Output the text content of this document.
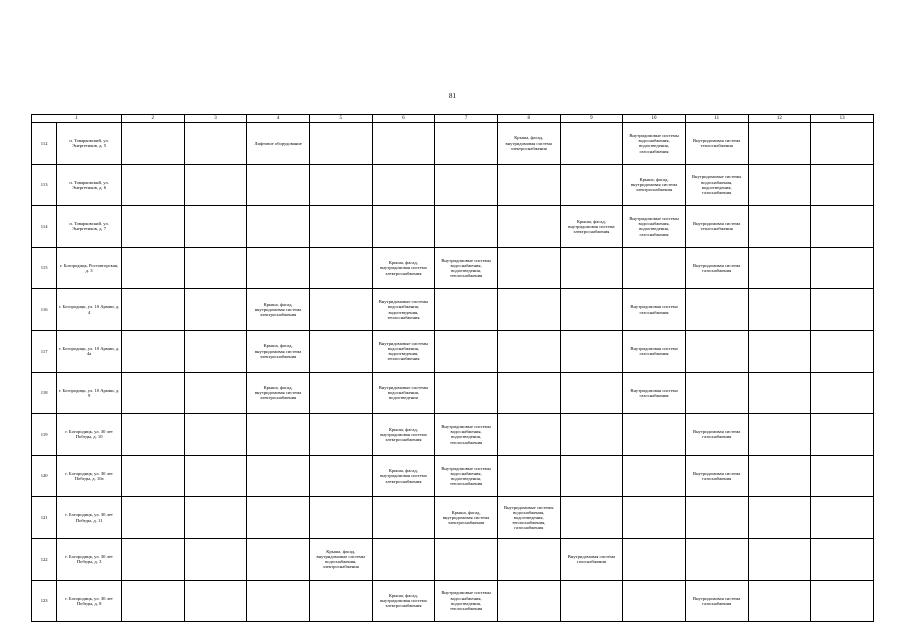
81
1		2	3	4	5	6	7	8	9	10	11	12	13
112	п. Товарковский, ул. Энергетиков, д. 5			Лифтовое оборудование				Крыша, фасад, внутридомовая система электроснабжения		Внутридомовые системы водоснабжения, водоотведения, газоснабжения	Внутридомовая система теплоснабжения		
113	п. Товарковский, ул. Энергетиков, д. 6									Крыша, фасад, внутридомовая система электроснабжения	Внутридомовые системы водоснабжения, водоотведения, газоснабжения		
114	п. Товарковский, ул. Энергетиков, д. 7								Крыша, фасад, внутридомовая система электроснабжения	Внутридомовые системы водоснабжения, водоотведения, газоснабжения	Внутридомовая система теплоснабжения		
115	г. Богородицк, Ростовгорская, д. 3					Крыша, фасад, внутридомовая система электроснабжения	Внутридомовые системы водоснабжения, водоотведения, теплоснабжения				Внутридомовая система газоснабжения		
116	г. Богородицк, ул. 10 Армии, д. 4			Крыша, фасад, внутридомовая система электроснабжения		Внутридомовые системы водоснабжения, водоотведения, теплоснабжения				Внутридомовая система газоснабжения			
117	г. Богородицк, ул. 10 Армии, д. 4а			Крыша, фасад, внутридомовая система электроснабжения		Внутридомовые системы водоснабжения, водоотведения, теплоснабжения				Внутридомовая система газоснабжения			
118	г. Богородицк, ул. 10 Армии, д. 9			Крыша, фасад, внутридомовая система электроснабжения		Внутридомовые системы водоснабжения, водоотведения				Внутридомовая система газоснабжения			
119	г. Богородицк, ул. 30 лет Победы, д. 10					Крыша, фасад, внутридомовая система электроснабжения	Внутридомовые системы водоснабжения, водоотведения, теплоснабжения				Внутридомовая система газоснабжения		
120	г. Богородицк, ул. 30 лет Победы, д. 10а					Крыша, фасад, внутридомовая система электроснабжения	Внутридомовые системы водоснабжения, водоотведения, теплоснабжения				Внутридомовая система газоснабжения		
121	г. Богородицк, ул. 30 лет Победы, д. 11						Крыша, фасад, внутридомовая система электроснабжения	Внутридомовые системы водоснабжения, водоотведения, теплоснабжения, газоснабжения					
122	г. Богородицк, ул. 30 лет Победы, д. 3				Крыша, фасад, внутридомовые системы водоснабжения, электроснабжения				Внутридомовая система газоснабжения				
123	г. Богородицк, ул. 30 лет Победы, д. 8					Крыша, фасад, внутридомовая система электроснабжения	Внутридомовые системы водоснабжения, водоотведения, теплоснабжения				Внутридомовая система газоснабжения		
